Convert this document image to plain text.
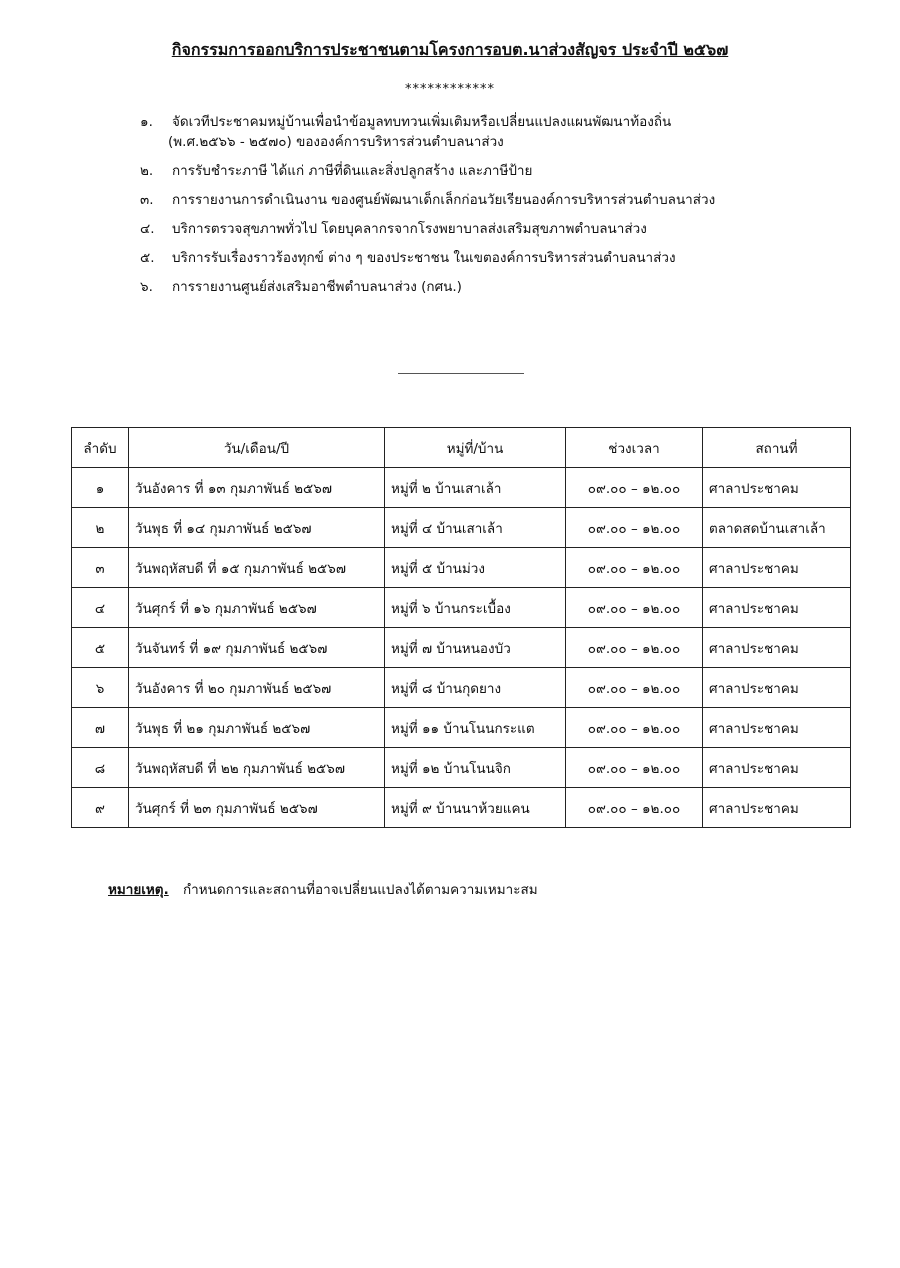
กิจกรรมการออกบริการประชาชนตามโครงการอบต.นาส่วงสัญจร ประจำปี ๒๕๖๗
************
๑.	จัดเวทีประชาคมหมู่บ้านเพื่อนำข้อมูลทบทวนเพิ่มเติมหรือเปลี่ยนแปลงแผนพัฒนาท้องถิ่น
(พ.ศ.๒๕๖๖ - ๒๕๗๐) ขององค์การบริหารส่วนตำบลนาส่วง
๒.	การรับชำระภาษี ได้แก่ ภาษีที่ดินและสิ่งปลูกสร้าง และภาษีป้าย
๓.	การรายงานการดำเนินงาน ของศูนย์พัฒนาเด็กเล็กก่อนวัยเรียนองค์การบริหารส่วนตำบลนาส่วง
๔.	บริการตรวจสุขภาพทั่วไป โดยบุคลากรจากโรงพยาบาลส่งเสริมสุขภาพตำบลนาส่วง
๕.	บริการรับเรื่องราวร้องทุกข์ ต่าง ๆ ของประชาชน ในเขตองค์การบริหารส่วนตำบลนาส่วง
๖.	การรายงานศูนย์ส่งเสริมอาชีพตำบลนาส่วง (กศน.)
ลำดับ	วัน/เดือน/ปี	หมู่ที่/บ้าน	ช่วงเวลา	สถานที่
๑	วันอังคาร ที่ ๑๓ กุมภาพันธ์ ๒๕๖๗	หมู่ที่ ๒ บ้านเสาเล้า	๐๙.๐๐ – ๑๒.๐๐	ศาลาประชาคม
๒	วันพุธ ที่ ๑๔ กุมภาพันธ์ ๒๕๖๗	หมู่ที่ ๔ บ้านเสาเล้า	๐๙.๐๐ – ๑๒.๐๐	ตลาดสดบ้านเสาเล้า
๓	วันพฤหัสบดี ที่ ๑๕ กุมภาพันธ์ ๒๕๖๗	หมู่ที่ ๕ บ้านม่วง	๐๙.๐๐ – ๑๒.๐๐	ศาลาประชาคม
๔	วันศุกร์ ที่ ๑๖ กุมภาพันธ์ ๒๕๖๗	หมู่ที่ ๖ บ้านกระเบื้อง	๐๙.๐๐ – ๑๒.๐๐	ศาลาประชาคม
๕	วันจันทร์ ที่ ๑๙ กุมภาพันธ์ ๒๕๖๗	หมู่ที่ ๗ บ้านหนองบัว	๐๙.๐๐ – ๑๒.๐๐	ศาลาประชาคม
๖	วันอังคาร ที่ ๒๐ กุมภาพันธ์ ๒๕๖๗	หมู่ที่ ๘ บ้านกุดยาง	๐๙.๐๐ – ๑๒.๐๐	ศาลาประชาคม
๗	วันพุธ ที่ ๒๑ กุมภาพันธ์ ๒๕๖๗	หมู่ที่ ๑๑ บ้านโนนกระแต	๐๙.๐๐ – ๑๒.๐๐	ศาลาประชาคม
๘	วันพฤหัสบดี ที่ ๒๒ กุมภาพันธ์ ๒๕๖๗	หมู่ที่ ๑๒ บ้านโนนจิก	๐๙.๐๐ – ๑๒.๐๐	ศาลาประชาคม
๙	วันศุกร์ ที่ ๒๓ กุมภาพันธ์ ๒๕๖๗	หมู่ที่ ๙ บ้านนาห้วยแคน	๐๙.๐๐ – ๑๒.๐๐	ศาลาประชาคม
หมายเหตุ. กำหนดการและสถานที่อาจเปลี่ยนแปลงได้ตามความเหมาะสม
